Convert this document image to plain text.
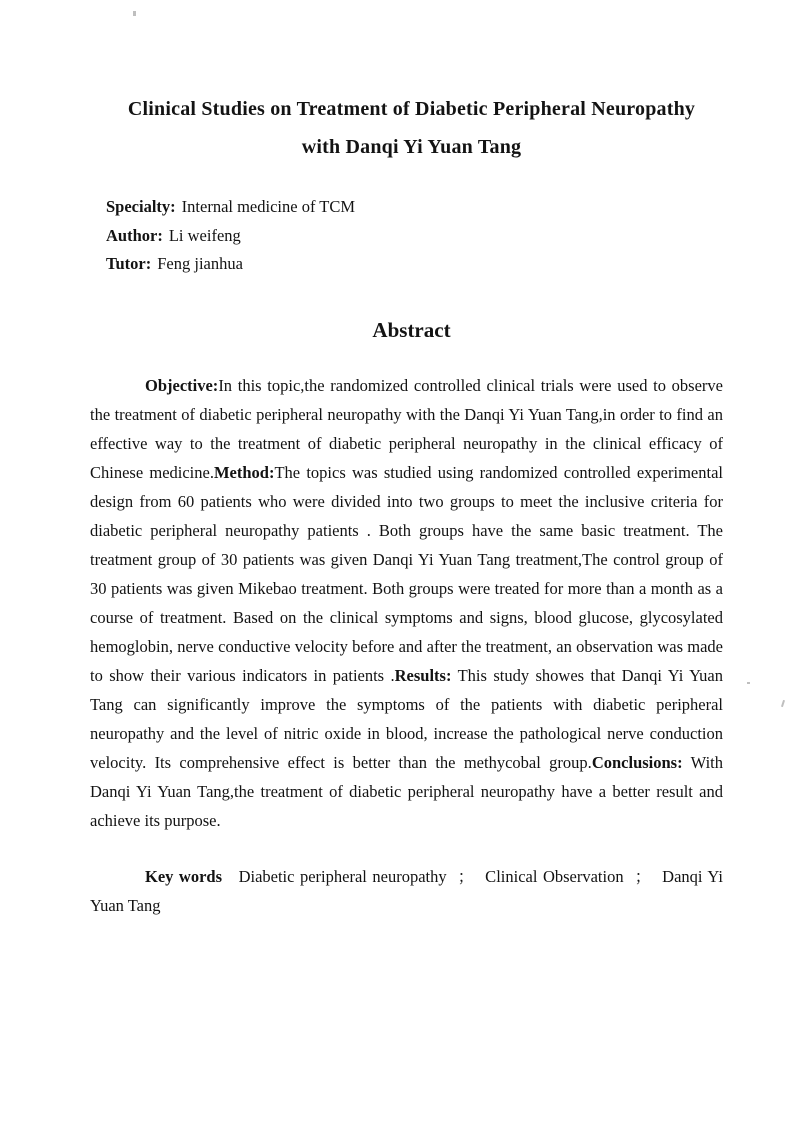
Clinical Studies on Treatment of Diabetic Peripheral Neuropathy
with Danqi Yi Yuan Tang
Specialty: Internal medicine of TCM
Author: Li weifeng
Tutor: Feng jianhua
Abstract

Objective:In this topic,the randomized controlled clinical trials were used to observe the treatment of diabetic peripheral neuropathy with the Danqi Yi Yuan Tang,in order to find an effective way to the treatment of diabetic peripheral neuropathy in the clinical efficacy of Chinese medicine.Method:The topics was studied using randomized controlled experimental design from 60 patients who were divided into two groups to meet the inclusive criteria for diabetic peripheral neuropathy patients . Both groups have the same basic treatment. The treatment group of 30 patients was given Danqi Yi Yuan Tang treatment,The control group of 30 patients was given Mikebao treatment. Both groups were treated for more than a month as a course of treatment. Based on the clinical symptoms and signs, blood glucose, glycosylated hemoglobin, nerve conductive velocity before and after the treatment, an observation was made to show their various indicators in patients .Results: This study showes that Danqi Yi Yuan Tang can significantly improve the symptoms of the patients with diabetic peripheral neuropathy and the level of nitric oxide in blood, increase the pathological nerve conduction velocity. Its comprehensive effect is better than the methycobal group.Conclusions: With Danqi Yi Yuan Tang,the treatment of diabetic peripheral neuropathy have a better result and achieve its purpose.

Key words   Diabetic peripheral neuropathy  ；  Clinical Observation  ；  Danqi Yi Yuan Tang
